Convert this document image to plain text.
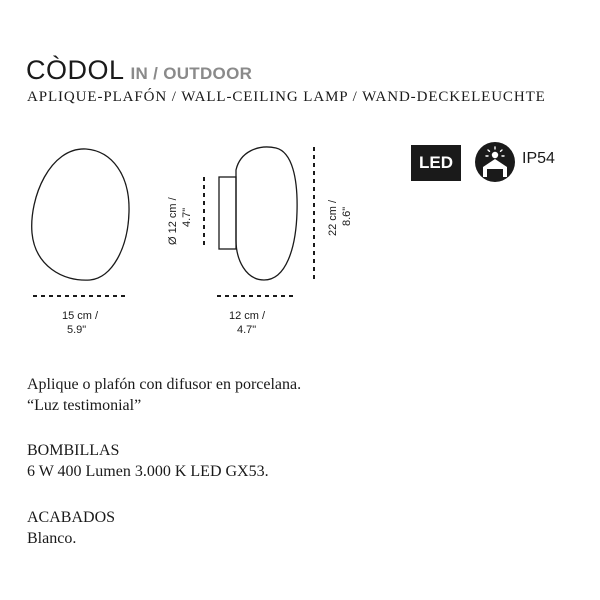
CÒDOL IN / OUTDOOR
APLIQUE-PLAFÓN / WALL-CEILING LAMP / WAND-DECKELEUCHTE
15 cm /
5.9"
12 cm /
4.7"
Ø 12 cm / 4.7"	22 cm / 8.6"
LED	IP54
Aplique o plafón con difusor en porcelana.
“Luz testimonial”
BOMBILLAS
6 W 400 Lumen 3.000 K LED GX53.
ACABADOS
Blanco.
